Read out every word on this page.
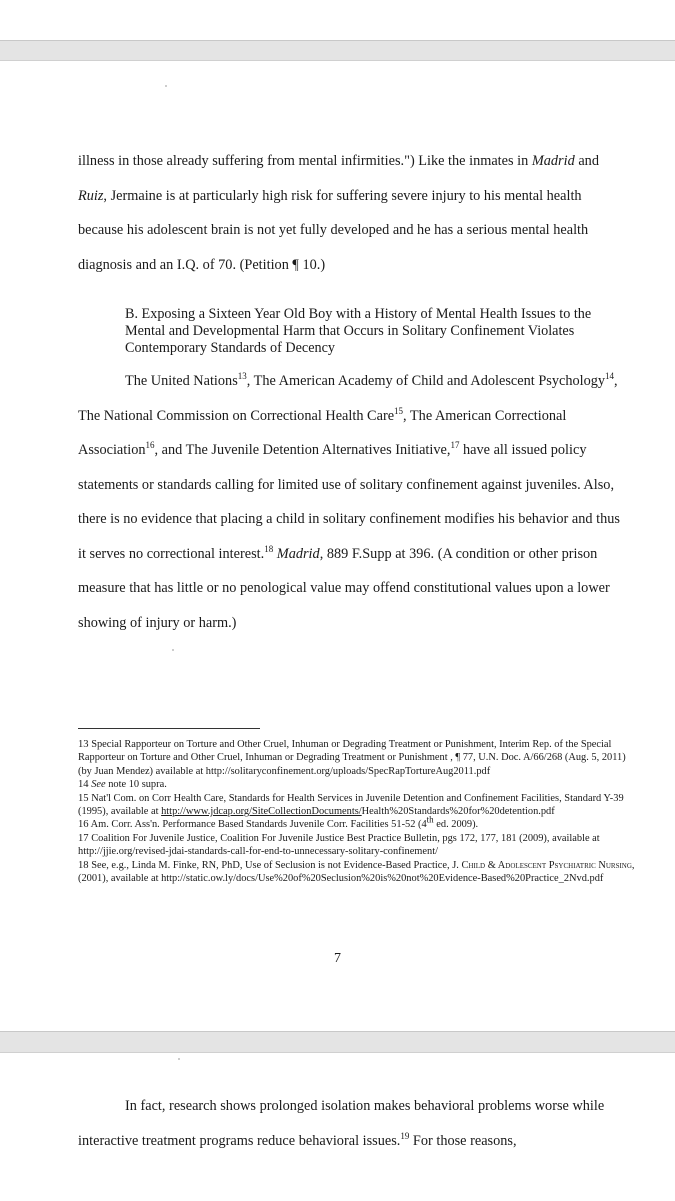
illness in those already suffering from mental infirmities.") Like the inmates in Madrid and Ruiz, Jermaine is at particularly high risk for suffering severe injury to his mental health because his adolescent brain is not yet fully developed and he has a serious mental health diagnosis and an I.Q. of 70. (Petition ¶ 10.)

B. Exposing a Sixteen Year Old Boy with a History of Mental Health Issues to the Mental and Developmental Harm that Occurs in Solitary Confinement Violates Contemporary Standards of Decency

The United Nations$^{13}$, The American Academy of Child and Adolescent Psychology$^{14}$, The National Commission on Correctional Health Care$^{15}$, The American Correctional Association$^{16}$, and The Juvenile Detention Alternatives Initiative,$^{17}$ have all issued policy statements or standards calling for limited use of solitary confinement against juveniles. Also, there is no evidence that placing a child in solitary confinement modifies his behavior and thus it serves no correctional interest.$^{18}$ Madrid, 889 F.Supp at 396. (A condition or other prison measure that has little or no penological value may offend constitutional values upon a lower showing of injury or harm.)

13 Special Rapporteur on Torture and Other Cruel, Inhuman or Degrading Treatment or Punishment, Interim Rep. of the Special Rapporteur on Torture and Other Cruel, Inhuman or Degrading Treatment or Punishment , ¶ 77, U.N. Doc. A/66/268 (Aug. 5, 2011) (by Juan Mendez) available at http://solitaryconfinement.org/uploads/SpecRapTortureAug2011.pdf

14 See note 10 supra.

15 Nat'l Com. on Corr Health Care, Standards for Health Services in Juvenile Detention and Confinement Facilities, Standard Y-39 (1995), available at http://www.jdcap.org/SiteCollectionDocuments/Health%20Standards%20for%20detention.pdf

16 Am. Corr. Ass'n. Performance Based Standards Juvenile Corr. Facilities 51-52 (4th ed. 2009).

17 Coalition For Juvenile Justice, Coalition For Juvenile Justice Best Practice Bulletin, pgs 172, 177, 181 (2009), available at http://jjie.org/revised-jdai-standards-call-for-end-to-unnecessary-solitary-confinement/

18 See, e.g., Linda M. Finke, RN, PhD, Use of Seclusion is not Evidence-Based Practice, J. Child & Adolescent Psychiatric Nursing, (2001), available at http://static.ow.ly/docs/Use%20of%20Seclusion%20is%20not%20Evidence-Based%20Practice_2Nvd.pdf

7

In fact, research shows prolonged isolation makes behavioral problems worse while interactive treatment programs reduce behavioral issues.$^{19}$ For those reasons,
